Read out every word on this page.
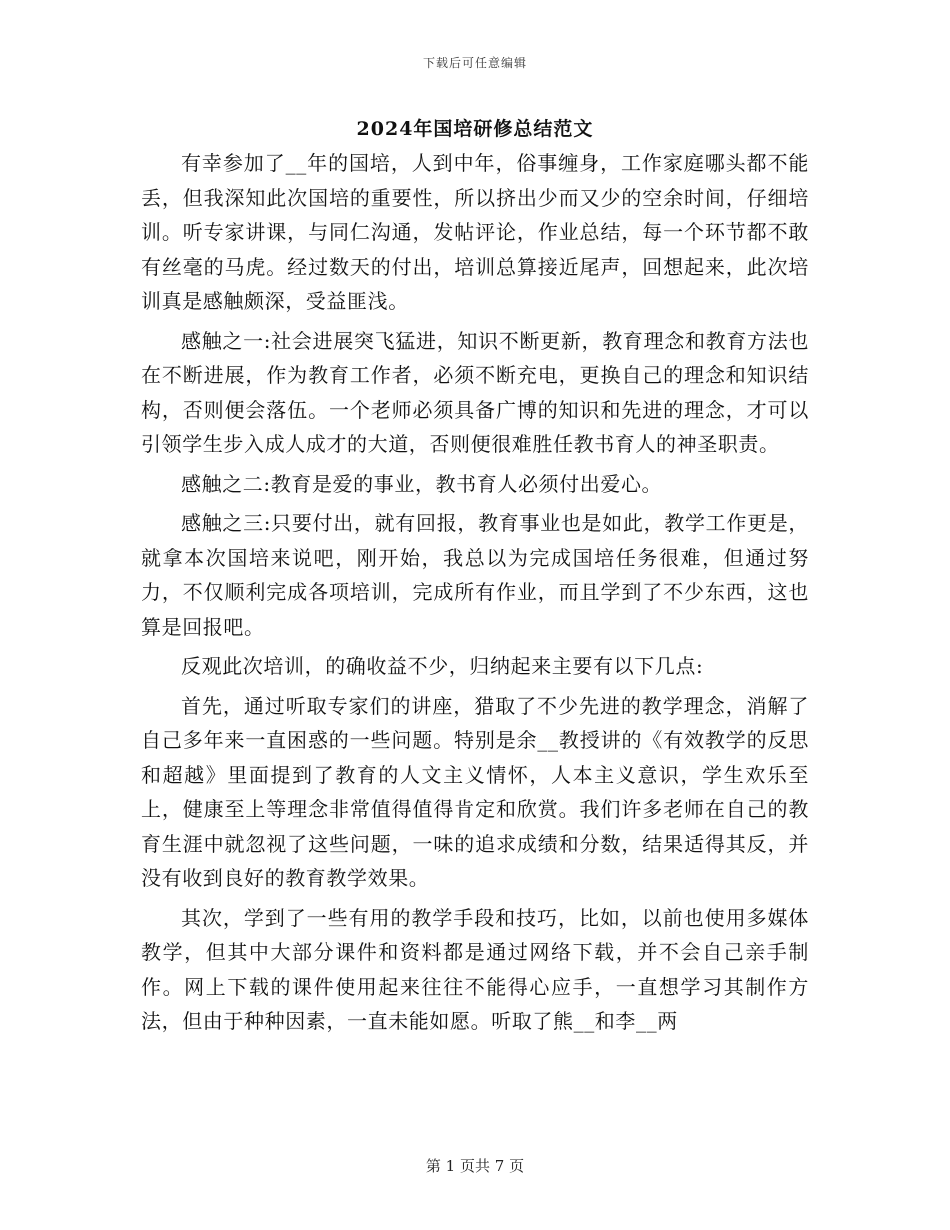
下载后可任意编辑
2024年国培研修总结范文

有幸参加了__年的国培，人到中年，俗事缠身，工作家庭哪头都不能丢，但我深知此次国培的重要性，所以挤出少而又少的空余时间，仔细培训。听专家讲课，与同仁沟通，发帖评论，作业总结，每一个环节都不敢有丝毫的马虎。经过数天的付出，培训总算接近尾声，回想起来，此次培训真是感触颇深，受益匪浅。

感触之一:社会进展突飞猛进，知识不断更新，教育理念和教育方法也在不断进展，作为教育工作者，必须不断充电，更换自己的理念和知识结构，否则便会落伍。一个老师必须具备广博的知识和先进的理念，才可以引领学生步入成人成才的大道，否则便很难胜任教书育人的神圣职责。

感触之二:教育是爱的事业，教书育人必须付出爱心。

感触之三:只要付出，就有回报，教育事业也是如此，教学工作更是，就拿本次国培来说吧，刚开始，我总以为完成国培任务很难，但通过努力，不仅顺利完成各项培训，完成所有作业，而且学到了不少东西，这也算是回报吧。

反观此次培训，的确收益不少，归纳起来主要有以下几点:

首先，通过听取专家们的讲座，猎取了不少先进的教学理念，消解了自己多年来一直困惑的一些问题。特别是余__教授讲的《有效教学的反思和超越》里面提到了教育的人文主义情怀，人本主义意识，学生欢乐至上，健康至上等理念非常值得值得肯定和欣赏。我们许多老师在自己的教育生涯中就忽视了这些问题，一味的追求成绩和分数，结果适得其反，并没有收到良好的教育教学效果。

其次，学到了一些有用的教学手段和技巧，比如，以前也使用多媒体教学，但其中大部分课件和资料都是通过网络下载，并不会自己亲手制作。网上下载的课件使用起来往往不能得心应手，一直想学习其制作方法，但由于种种因素，一直未能如愿。听取了熊__和李__两

第 1 页共 7 页
